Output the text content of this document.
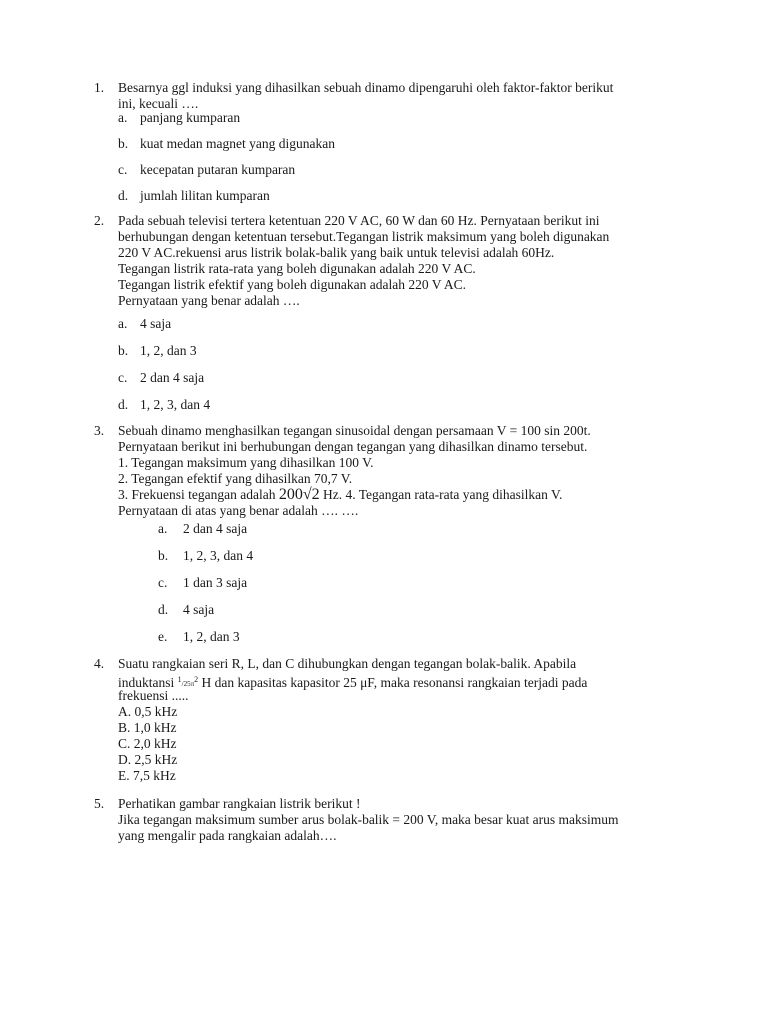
1. Besarnya ggl induksi yang dihasilkan sebuah dinamo dipengaruhi oleh faktor-faktor berikut
ini, kecuali ….
a. panjang kumparan
b. kuat medan magnet yang digunakan
c. kecepatan putaran kumparan
d. jumlah lilitan kumparan
2. Pada sebuah televisi tertera ketentuan 220 V AC, 60 W dan 60 Hz. Pernyataan berikut ini
berhubungan dengan ketentuan tersebut.Tegangan listrik maksimum yang boleh digunakan
220 V AC.rekuensi arus listrik bolak-balik yang baik untuk televisi adalah 60Hz.
Tegangan listrik rata-rata yang boleh digunakan adalah 220 V AC.
Tegangan listrik efektif yang boleh digunakan adalah 220 V AC.
Pernyataan yang benar adalah ….
a. 4 saja
b. 1, 2, dan 3
c. 2 dan 4 saja
d. 1, 2, 3, dan 4
3. Sebuah dinamo menghasilkan tegangan sinusoidal dengan persamaan V = 100 sin 200t.
Pernyataan berikut ini berhubungan dengan tegangan yang dihasilkan dinamo tersebut.
1. Tegangan maksimum yang dihasilkan 100 V.
2. Tegangan efektif yang dihasilkan 70,7 V.
3. Frekuensi tegangan adalah 200√2 Hz. 4. Tegangan rata-rata yang dihasilkan V.
Pernyataan di atas yang benar adalah …. ….
a. 2 dan 4 saja
b. 1, 2, 3, dan 4
c. 1 dan 3 saja
d. 4 saja
e. 1, 2, dan 3
4. Suatu rangkaian seri R, L, dan C dihubungkan dengan tegangan bolak-balik. Apabila
induktansi $^1/25\pi^2$ H dan kapasitas kapasitor 25 μF, maka resonansi rangkaian terjadi pada
frekuensi .....
A. 0,5 kHz
B. 1,0 kHz
C. 2,0 kHz
D. 2,5 kHz
E. 7,5 kHz
5. Perhatikan gambar rangkaian listrik berikut !
Jika tegangan maksimum sumber arus bolak-balik = 200 V, maka besar kuat arus maksimum
yang mengalir pada rangkaian adalah….
